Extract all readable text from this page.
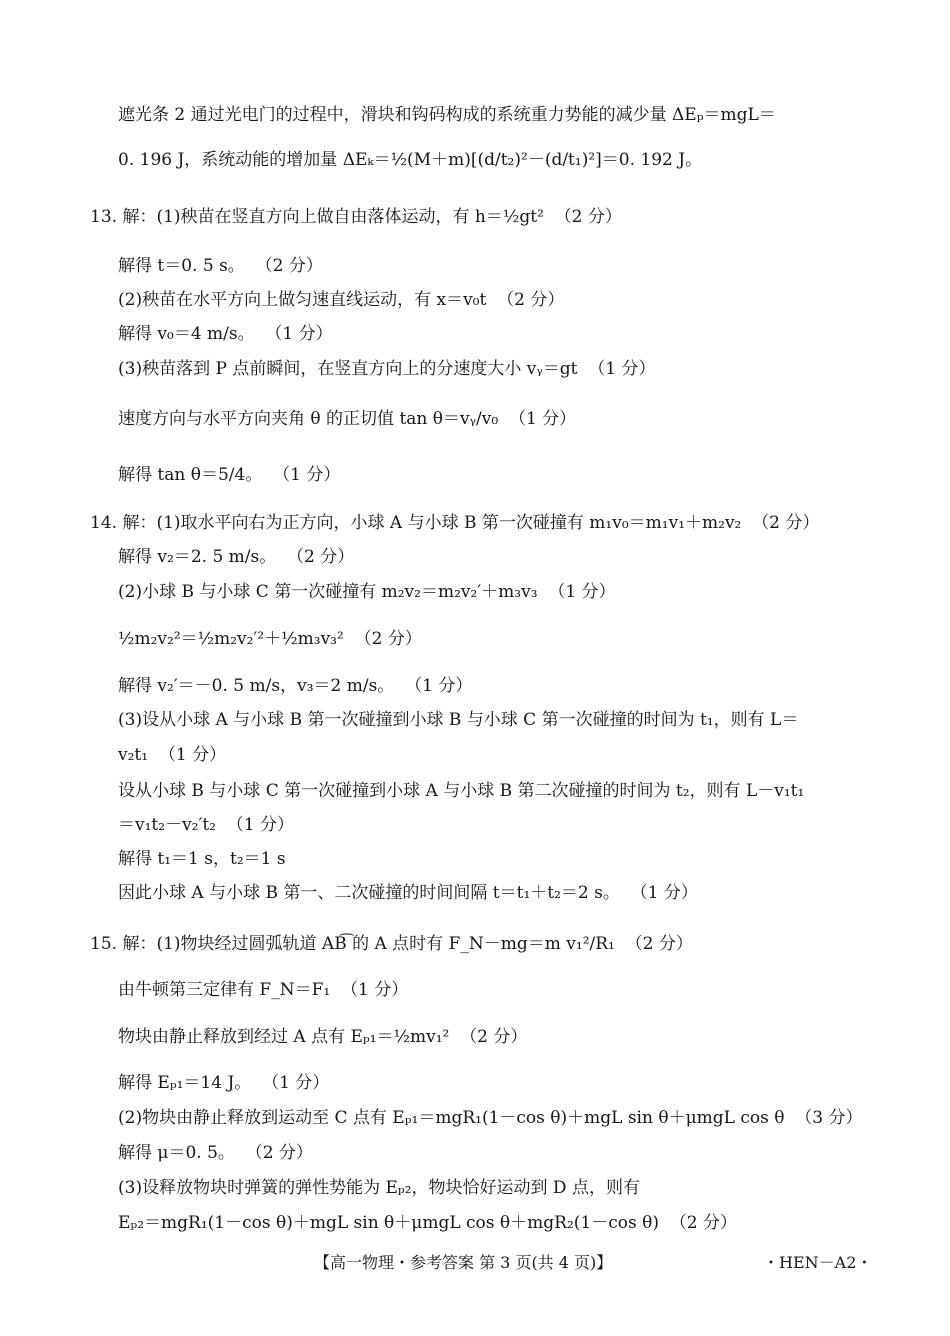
遮光条 2 通过光电门的过程中，滑块和钩码构成的系统重力势能的减少量 ΔEₚ＝mgL＝
0. 196 J，系统动能的增加量 ΔEₖ＝½(M＋m)[(d/t₂)²－(d/t₁)²]＝0. 192 J。
13. 解：(1)秧苗在竖直方向上做自由落体运动，有 h＝½gt²  （2 分）
解得 t＝0. 5 s。  （2 分）
(2)秧苗在水平方向上做匀速直线运动，有 x＝v₀t  （2 分）
解得 v₀＝4 m/s。  （1 分）
(3)秧苗落到 P 点前瞬间，在竖直方向上的分速度大小 vᵧ＝gt  （1 分）
速度方向与水平方向夹角 θ 的正切值 tan θ＝vᵧ/v₀  （1 分）
解得 tan θ＝5/4。  （1 分）
14. 解：(1)取水平向右为正方向，小球 A 与小球 B 第一次碰撞有 m₁v₀＝m₁v₁＋m₂v₂  （2 分）
解得 v₂＝2. 5 m/s。  （2 分）
(2)小球 B 与小球 C 第一次碰撞有 m₂v₂＝m₂v₂′＋m₃v₃  （1 分）
½m₂v₂²＝½m₂v₂′²＋½m₃v₃²  （2 分）
解得 v₂′＝－0. 5 m/s，v₃＝2 m/s。  （1 分）
(3)设从小球 A 与小球 B 第一次碰撞到小球 B 与小球 C 第一次碰撞的时间为 t₁，则有 L＝
v₂t₁  （1 分）
设从小球 B 与小球 C 第一次碰撞到小球 A 与小球 B 第二次碰撞的时间为 t₂，则有 L－v₁t₁
＝v₁t₂－v₂′t₂  （1 分）
解得 t₁＝1 s，t₂＝1 s
因此小球 A 与小球 B 第一、二次碰撞的时间间隔 t＝t₁＋t₂＝2 s。  （1 分）
15. 解：(1)物块经过圆弧轨道 AB͡ 的 A 点时有 F_N－mg＝m v₁²/R₁  （2 分）
由牛顿第三定律有 F_N＝F₁  （1 分）
物块由静止释放到经过 A 点有 Eₚ₁＝½mv₁²  （2 分）
解得 Eₚ₁＝14 J。  （1 分）
(2)物块由静止释放到运动至 C 点有 Eₚ₁＝mgR₁(1－cos θ)＋mgL sin θ＋μmgL cos θ  （3 分）
解得 μ＝0. 5。  （2 分）
(3)设释放物块时弹簧的弹性势能为 Eₚ₂，物块恰好运动到 D 点，则有
Eₚ₂＝mgR₁(1－cos θ)＋mgL sin θ＋μmgL cos θ＋mgR₂(1－cos θ)  （2 分）
【高一物理・参考答案 第 3 页(共 4 页)】	・HEN－A2・
